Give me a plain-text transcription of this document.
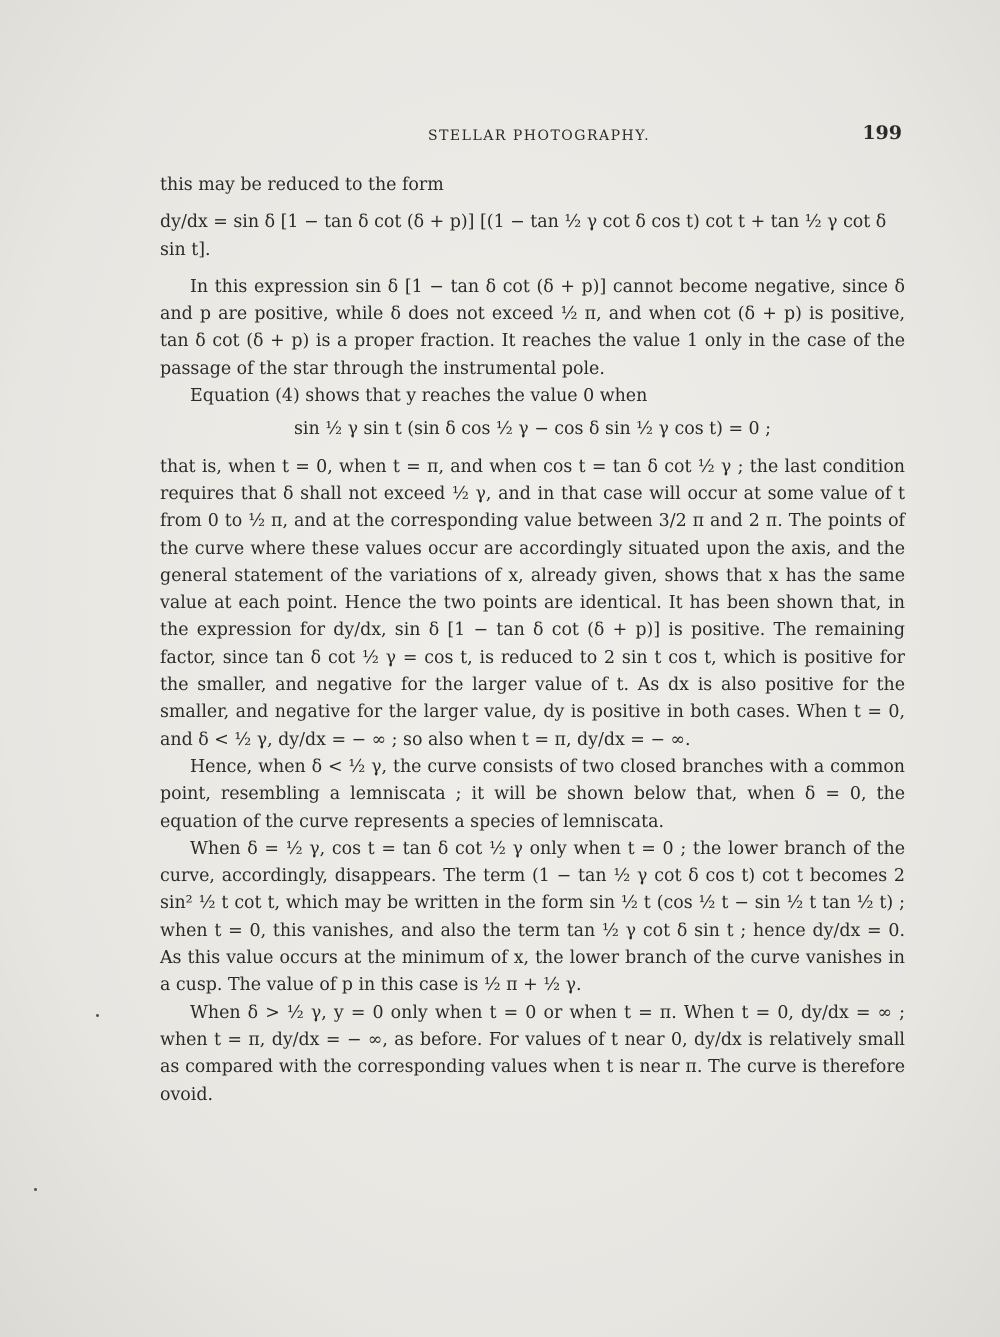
STELLAR PHOTOGRAPHY.	199

this may be reduced to the form

dy/dx = sin δ [1 − tan δ cot (δ + p)] [(1 − tan ½ γ cot δ cos t) cot t + tan ½ γ cot δ sin t].

In this expression sin δ [1 − tan δ cot (δ + p)] cannot become negative, since δ and p are positive, while δ does not exceed ½ π, and when cot (δ + p) is positive, tan δ cot (δ + p) is a proper fraction. It reaches the value 1 only in the case of the passage of the star through the instrumental pole.

Equation (4) shows that y reaches the value 0 when

sin ½ γ sin t (sin δ cos ½ γ − cos δ sin ½ γ cos t) = 0 ;

that is, when t = 0, when t = π, and when cos t = tan δ cot ½ γ ; the last condition requires that δ shall not exceed ½ γ, and in that case will occur at some value of t from 0 to ½ π, and at the corresponding value between 3/2 π and 2 π. The points of the curve where these values occur are accordingly situated upon the axis, and the general statement of the variations of x, already given, shows that x has the same value at each point. Hence the two points are identical. It has been shown that, in the expression for dy/dx, sin δ [1 − tan δ cot (δ + p)] is positive. The remaining factor, since tan δ cot ½ γ = cos t, is reduced to 2 sin t cos t, which is positive for the smaller, and negative for the larger value of t. As dx is also positive for the smaller, and negative for the larger value, dy is positive in both cases. When t = 0, and δ < ½ γ, dy/dx = − ∞ ; so also when t = π, dy/dx = − ∞.

Hence, when δ < ½ γ, the curve consists of two closed branches with a common point, resembling a lemniscata ; it will be shown below that, when δ = 0, the equation of the curve represents a species of lemniscata.

When δ = ½ γ, cos t = tan δ cot ½ γ only when t = 0 ; the lower branch of the curve, accordingly, disappears. The term (1 − tan ½ γ cot δ cos t) cot t becomes 2 sin² ½ t cot t, which may be written in the form sin ½ t (cos ½ t − sin ½ t tan ½ t) ; when t = 0, this vanishes, and also the term tan ½ γ cot δ sin t ; hence dy/dx = 0. As this value occurs at the minimum of x, the lower branch of the curve vanishes in a cusp. The value of p in this case is ½ π + ½ γ.

When δ > ½ γ, y = 0 only when t = 0 or when t = π. When t = 0, dy/dx = ∞ ; when t = π, dy/dx = − ∞, as before. For values of t near 0, dy/dx is relatively small as compared with the corresponding values when t is near π. The curve is therefore ovoid.
